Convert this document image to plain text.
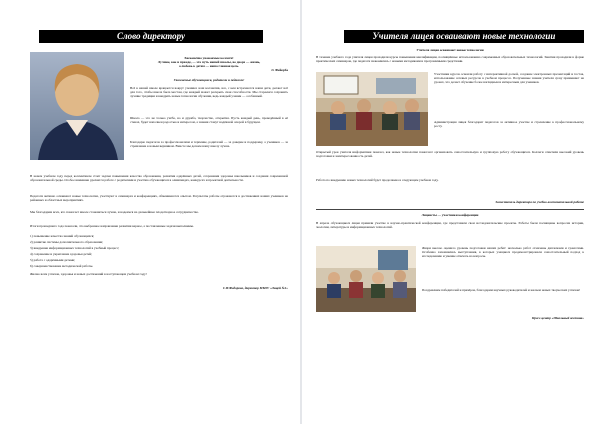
Слово директору
Бесконечно уважаемые коллеги!
Лучшее, как и прежде, — это путь нашей школы, во дворе — жизнь,
а любовь к детям — наша главная цель.
Л. Фейерба
Уважаемые обучающиеся, родители и педагоги!

Всё в нашей школе вращается вокруг ученика: наш коллектив, все, с кем встречаются наши дети, делают всё для того, чтобы школа была местом, где каждый может раскрыть свои способности. Мы стараемся сохранить лучшие традиции и внедрять новые технологии обучения, ведь каждый ученик — особенный.

Школа — это не только учёба, но и дружба, творчество, открытия. Пусть каждый день, проведённый в её стенах, будет наполнен радостью и интересом, а знания станут надёжной опорой в будущем.

Благодарю педагогов за профессионализм и терпение, родителей — за доверие и поддержку, а учеников — за стремление к новым вершинам. Вместе мы делаем нашу школу лучше.

В новом учебном году перед коллективом стоят задачи повышения качества образования, развития одарённых детей, сохранения здоровья школьников и создания современной образовательной среды. Особое внимание уделяется работе с родителями и участию обучающихся в олимпиадах, конкурсах и проектной деятельности.

Педагоги активно осваивают новые технологии, участвуют в семинарах и конференциях, обмениваются опытом. Результаты работы отражаются в достижениях наших учеников на районных и областных мероприятиях.

Мы благодарим всех, кто помогает школе становиться лучше, и надеемся на дальнейшее плодотворное сотрудничество.

Итоги прошедшего года показали, что выбранное направление развития верное, а поставленные задачи выполнимы.

1) повышение качества знаний обучающихся;

2) развитие системы дополнительного образования;

3) внедрение информационных технологий в учебный процесс;

4) сохранение и укрепление здоровья детей;

5) работа с одарёнными детьми;

6) совершенствование методической работы.

Желаю всем успехов, здоровья и новых достижений в наступающем учебном году!

С.Н.Федорова, директор МБОУ «Лицей №1»

Учителя лицея осваивают новые технологии
Учителя лицея осваивают новые технологии

В течение учебного года учителя лицея проходили курсы повышения квалификации, посвящённые использованию современных образовательных технологий. Занятия проходили в форме практических семинаров, где педагоги знакомились с новыми методиками и программными средствами.

Участники курсов освоили работу с интерактивной доской, создание электронных презентаций и тестов, использование сетевых ресурсов в учебном процессе. Полученные знания учителя сразу применяют на уроках, что делает обучение более наглядным и интересным для учеников.

Администрация лицея благодарит педагогов за активное участие и стремление к профессиональному росту.

Открытый урок учителя информатики показал, как новые технологии помогают организовать самостоятельную и групповую работу обучающихся. Коллеги отметили высокий уровень подготовки и заинтересованность детей.

Работа по внедрению новых технологий будет продолжена в следующем учебном году.

Заместитель директора по учебно-воспитательной работе

Лицеисты — участники конференции

В апреле обучающиеся лицея приняли участие в научно-практической конференции, где представили свои исследовательские проекты. Работы были посвящены вопросам истории, экологии, литературы и информационных технологий.

Жюри высоко оценило уровень подготовки наших ребят: несколько работ отмечены дипломами и грамотами. Особенно запомнились выступления, в которых учащиеся продемонстрировали самостоятельный подход к исследованию и умение отвечать на вопросы.

Поздравляем победителей и призёров, благодарим научных руководителей и желаем новых творческих успехов!

Пресс-центр «Школьный вестник»
